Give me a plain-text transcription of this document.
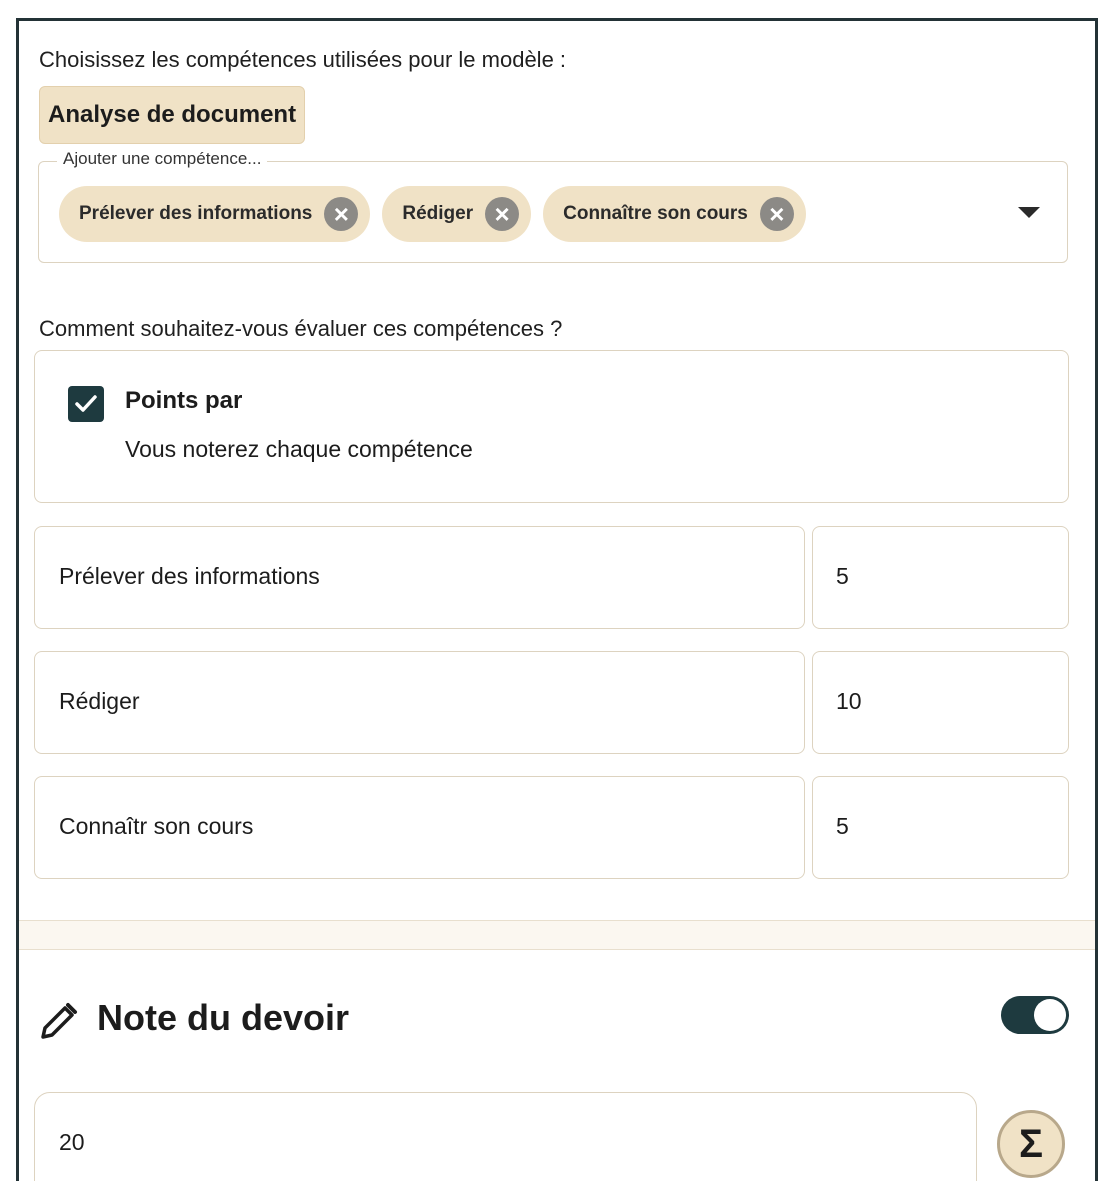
Choisissez les compétences utilisées pour le modèle :
Analyse de document
Ajouter une compétence...
Prélever des informations ×	Rédiger ×	Connaître son cours ×
Comment souhaitez-vous évaluer ces compétences ?
Points par
Vous noterez chaque compétence
Prélever des informations	5
Rédiger	10
Connaîtr son cours	5
Note du devoir
20	Σ
